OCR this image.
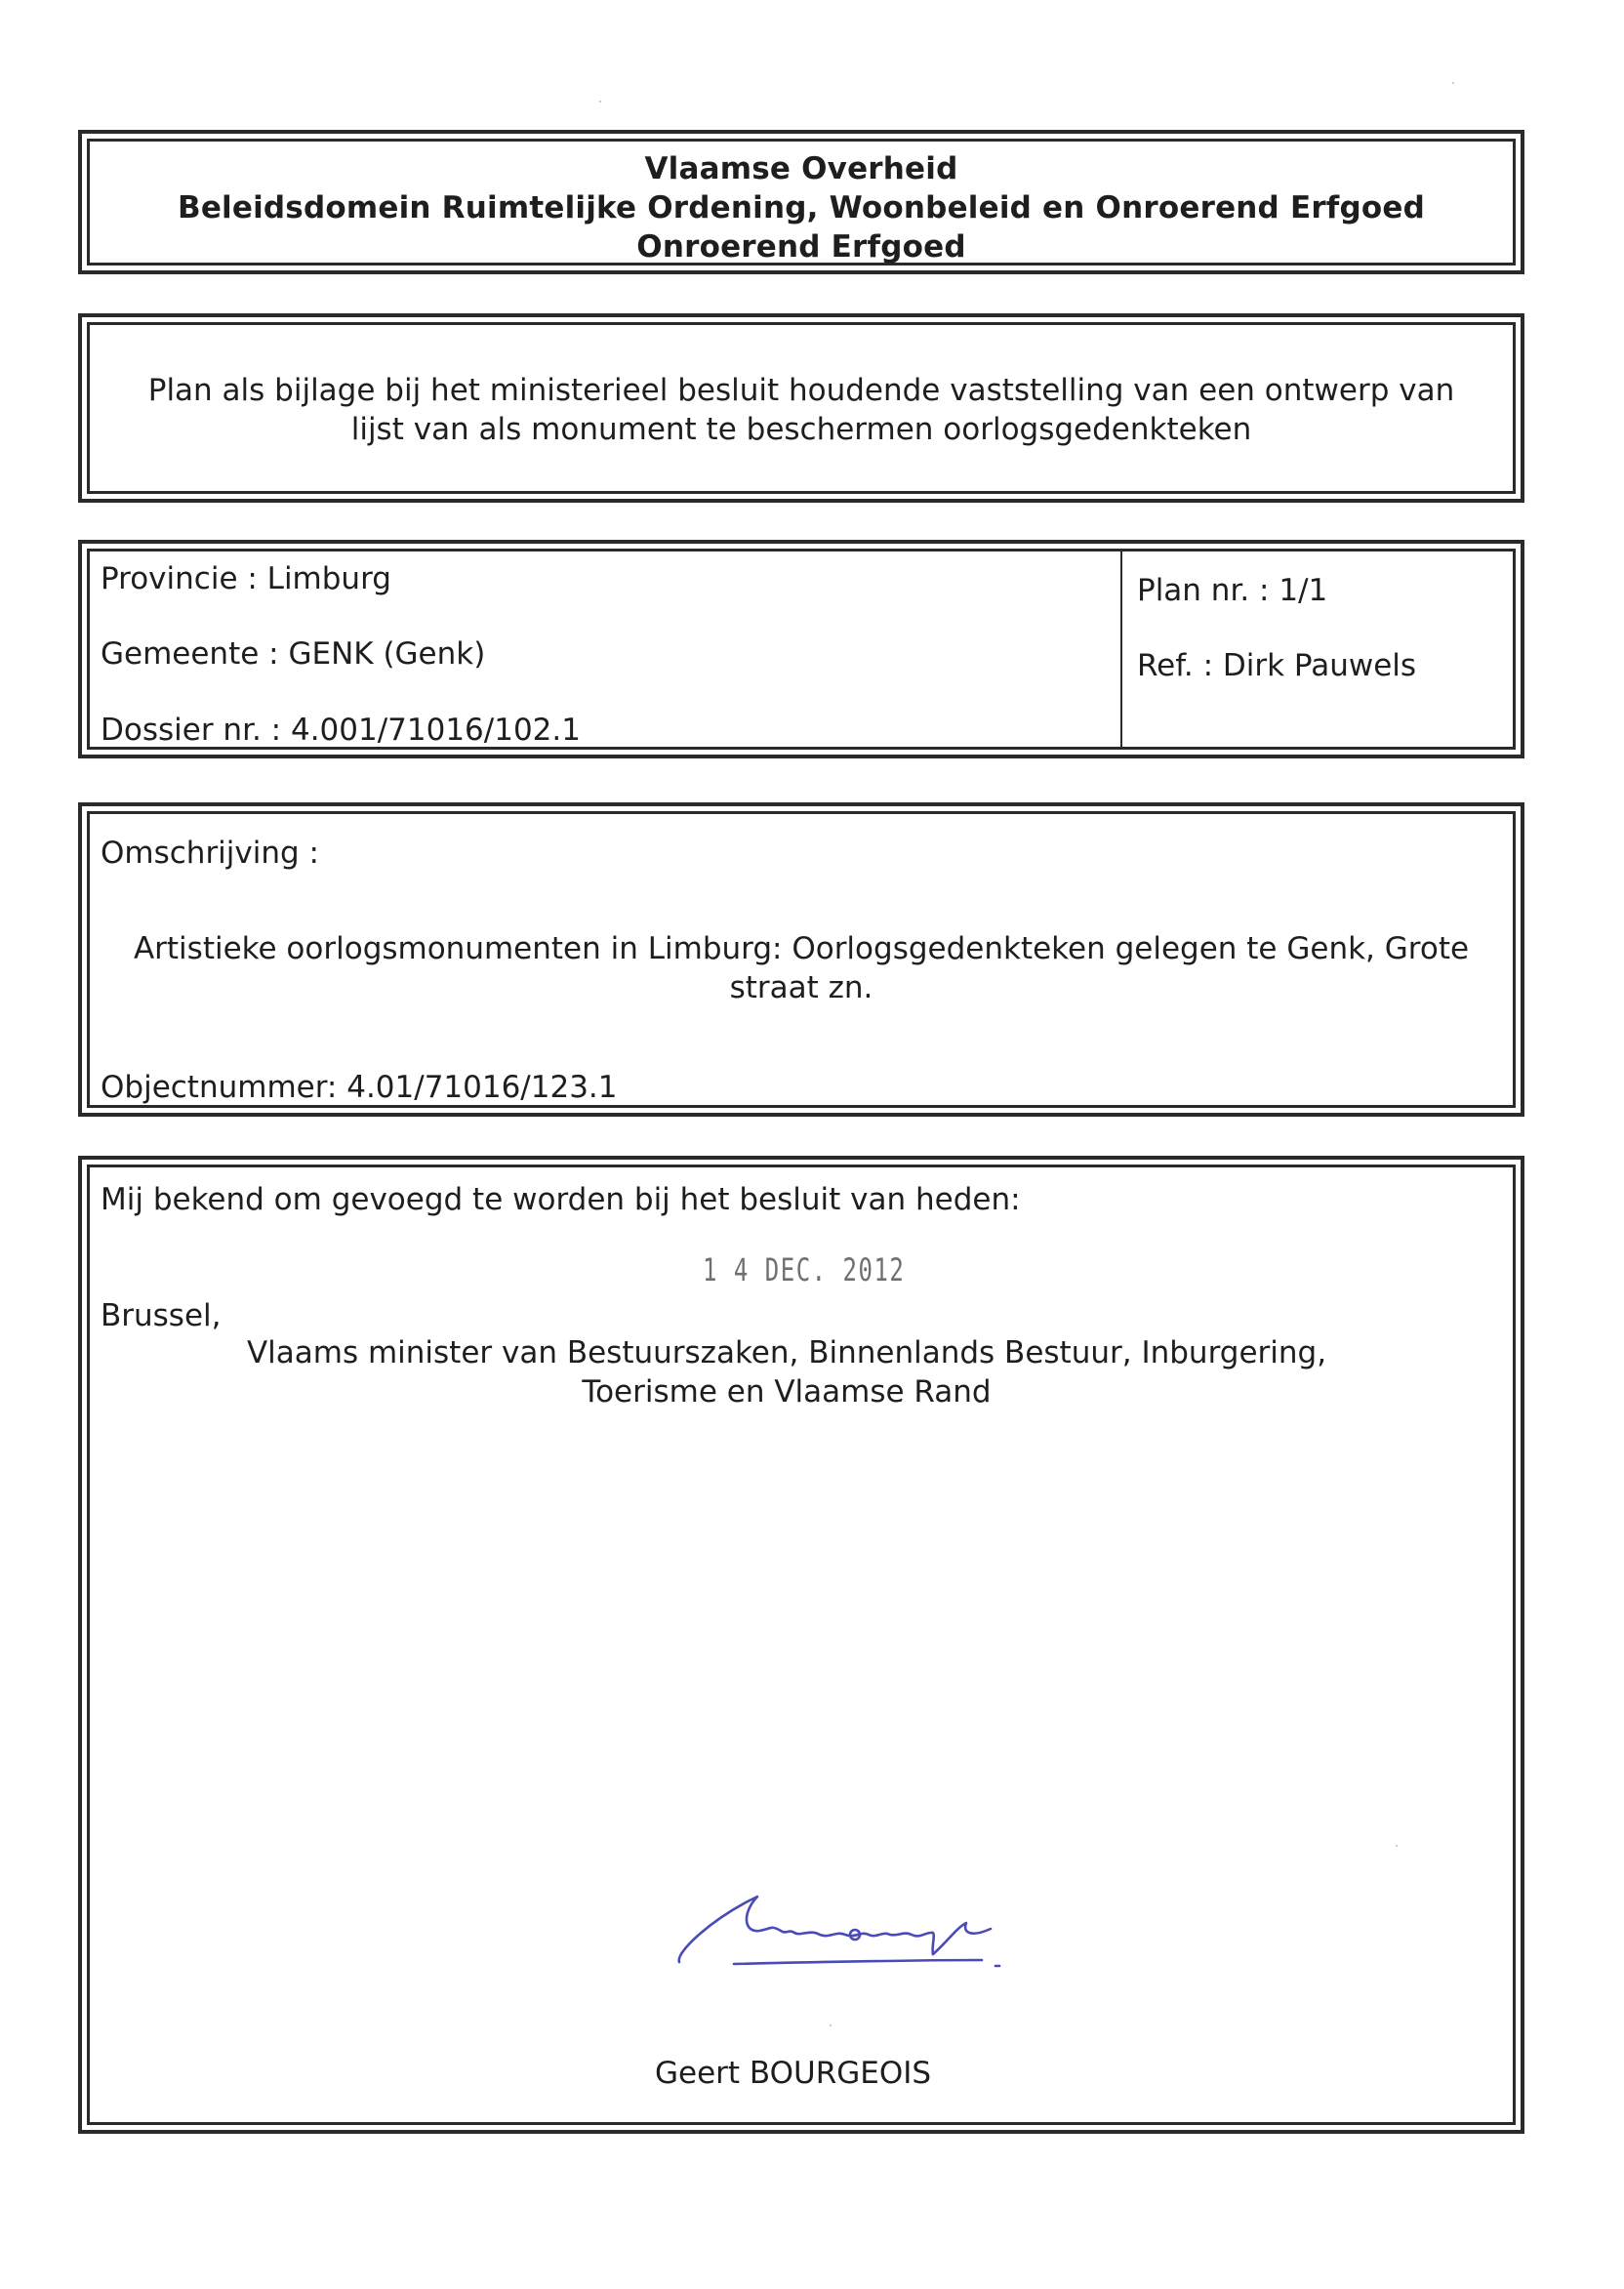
Vlaamse Overheid
Beleidsdomein Ruimtelijke Ordening, Woonbeleid en Onroerend Erfgoed
Onroerend Erfgoed
Plan als bijlage bij het ministerieel besluit houdende vaststelling van een ontwerp van
lijst van als monument te beschermen oorlogsgedenkteken
Provincie : Limburg
Gemeente : GENK (Genk)
Dossier nr. : 4.001/71016/102.1
Plan nr. : 1/1
Ref. : Dirk Pauwels
Omschrijving :
Artistieke oorlogsmonumenten in Limburg: Oorlogsgedenkteken gelegen te Genk, Grote
straat zn.
Objectnummer: 4.01/71016/123.1
Mij bekend om gevoegd te worden bij het besluit van heden:
Brussel,
Vlaams minister van Bestuurszaken, Binnenlands Bestuur, Inburgering,
Toerisme en Vlaamse Rand
Geert BOURGEOIS
1 4 DEC. 2012
